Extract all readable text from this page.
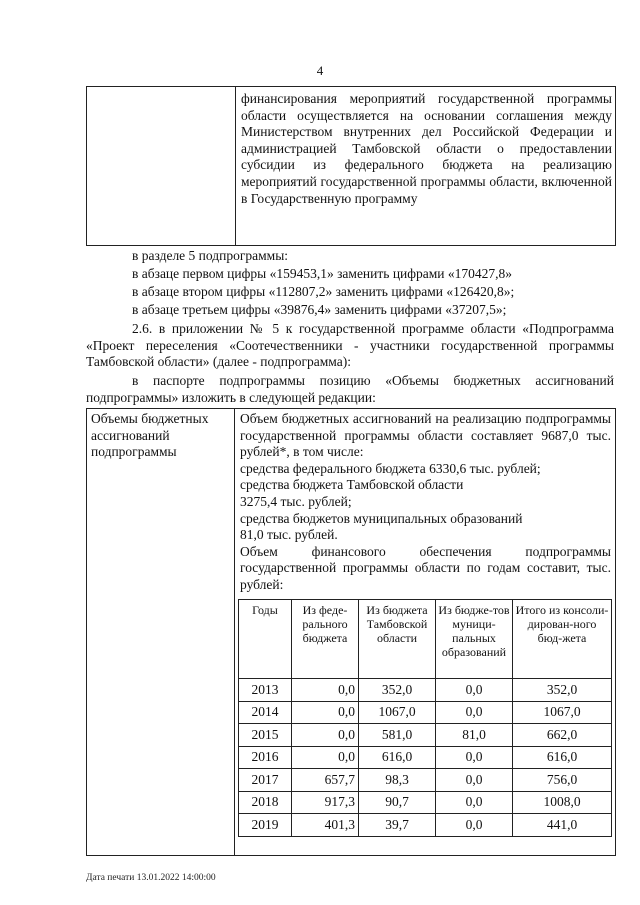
4
финансирования мероприятий государственной программы области осуществляется на основании соглашения между Министерством внутренних дел Российской Федерации и администрацией Тамбовской области о предоставлении субсидии из федерального бюджета на реализацию мероприятий государственной программы области, включенной в Государственную программу
в разделе 5 подпрограммы:
в абзаце первом цифры «159453,1» заменить цифрами «170427,8»
в абзаце втором цифры «112807,2» заменить цифрами «126420,8»;
в абзаце третьем цифры «39876,4» заменить цифрами «37207,5»;
2.6. в приложении № 5 к государственной программе области «Подпрограмма «Проект переселения «Соотечественники - участники государственной программы Тамбовской области» (далее - подпрограмма):
в паспорте подпрограммы позицию «Объемы бюджетных ассигнований подпрограммы» изложить в следующей редакции:
Объемы бюджетных ассигнований подпрограммы
Объем бюджетных ассигнований на реализацию подпрограммы государственной программы области составляет 9687,0 тыс. рублей*, в том числе:
средства федерального бюджета 6330,6 тыс. рублей;
средства бюджета Тамбовской области
3275,4 тыс. рублей;
средства бюджетов муниципальных образований
81,0 тыс. рублей.
Объем финансового обеспечения подпрограммы государственной программы области по годам составит, тыс. рублей:
Годы	Из феде-ральноrо бюджета	Из бюджета Тамбовской области	Из бюдже-тов муници-пальных образований	Итого из консоли-дирован-ного бюд-жета
2013	0,0	352,0	0,0	352,0
2014	0,0	1067,0	0,0	1067,0
2015	0,0	581,0	81,0	662,0
2016	0,0	616,0	0,0	616,0
2017	657,7	98,3	0,0	756,0
2018	917,3	90,7	0,0	1008,0
2019	401,3	39,7	0,0	441,0
Дата печати 13.01.2022 14:00:00
